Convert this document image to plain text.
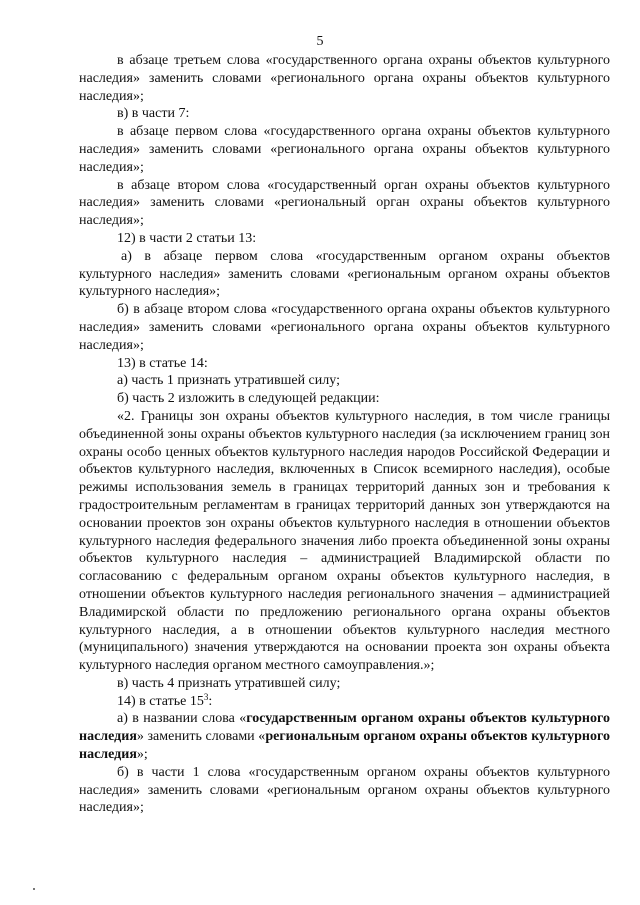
5

в абзаце третьем слова «государственного органа охраны объектов культурного наследия» заменить словами «регионального органа охраны объектов культурного наследия»;

в) в части 7:

в абзаце первом слова «государственного органа охраны объектов культурного наследия» заменить словами «регионального органа охраны объектов культурного наследия»;

в абзаце втором слова «государственный орган охраны объектов культурного наследия» заменить словами «региональный орган охраны объектов культурного наследия»;

12) в части 2 статьи 13:

а) в абзаце первом слова «государственным органом охраны объектов культурного наследия» заменить словами «региональным органом охраны объектов культурного наследия»;

б) в абзаце втором слова «государственного органа охраны объектов культурного наследия» заменить словами «регионального органа охраны объектов культурного наследия»;

13) в статье 14:

а) часть 1 признать утратившей силу;

б) часть 2 изложить в следующей редакции:

«2. Границы зон охраны объектов культурного наследия, в том числе границы объединенной зоны охраны объектов культурного наследия (за исключением границ зон охраны особо ценных объектов культурного наследия народов Российской Федерации и объектов культурного наследия, включенных в Список всемирного наследия), особые режимы использования земель в границах территорий данных зон и требования к градостроительным регламентам в границах территорий данных зон утверждаются на основании проектов зон охраны объектов культурного наследия в отношении объектов культурного наследия федерального значения либо проекта объединенной зоны охраны объектов культурного наследия – администрацией Владимирской области по согласованию с федеральным органом охраны объектов культурного наследия, в отношении объектов культурного наследия регионального значения – администрацией Владимирской области по предложению регионального органа охраны объектов культурного наследия, а в отношении объектов культурного наследия местного (муниципального) значения утверждаются на основании проекта зон охраны объекта культурного наследия органом местного самоуправления.»;

в) часть 4 признать утратившей силу;

14) в статье $15^3$:

а) в названии слова «государственным органом охраны объектов культурного наследия» заменить словами «региональным органом охраны объектов культурного наследия»;

б) в части 1 слова «государственным органом охраны объектов культурного наследия» заменить словами «региональным органом охраны объектов культурного наследия»;
